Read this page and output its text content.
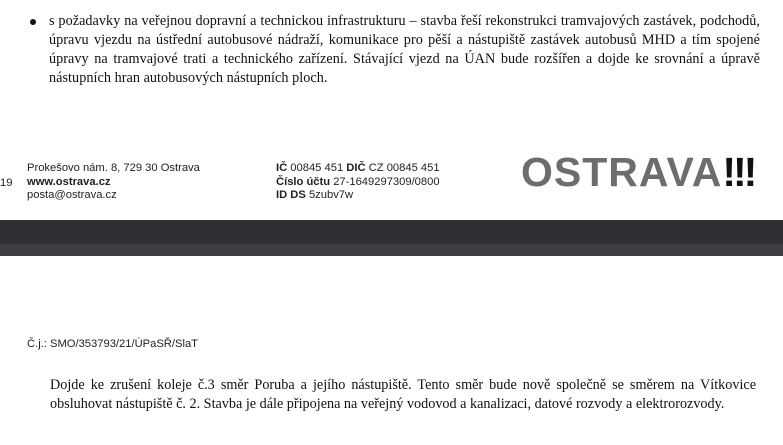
s požadavky na veřejnou dopravní a technickou infrastrukturu – stavba řeší rekonstrukci tramvajových zastávek, podchodů, úpravu vjezdu na ústřední autobusové nádraží, komunikace pro pěší a nástupiště zastávek autobusů MHD a tím spojené úpravy na tramvajové trati a technického zařízení. Stávající vjezd na ÚAN bude rozšířen a dojde ke srovnání a úpravě nástupních hran autobusových nástupních ploch.
19
Prokešovo nám. 8, 729 30 Ostrava
www.ostrava.cz
posta@ostrava.cz
IČ 00845 451 DIČ CZ 00845 451
Číslo účtu 27-1649297309/0800
ID DS 5zubv7w
OSTRAVA!!!
Č.j.: SMO/353793/21/ÚPaSŘ/SlaT
Dojde ke zrušení koleje č.3 směr Poruba a jejího nástupiště. Tento směr bude nově společně se směrem na Vítkovice obsluhovat nástupiště č. 2. Stavba je dále připojena na veřejný vodovod a kanalizaci, datové rozvody a elektrorozvody.
